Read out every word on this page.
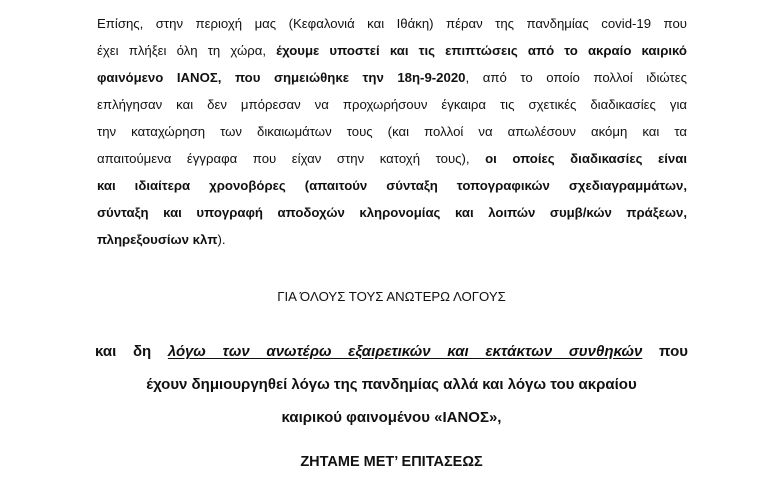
Επίσης, στην περιοχή μας (Κεφαλονιά και Ιθάκη) πέραν της πανδημίας covid-19 που
έχει πλήξει όλη τη χώρα, έχουμε υποστεί και τις επιπτώσεις από το ακραίο καιρικό
φαινόμενο ΙΑΝΟΣ, που σημειώθηκε την 18η-9-2020, από το οποίο πολλοί ιδιώτες
επλήγησαν και δεν μπόρεσαν να προχωρήσουν έγκαιρα τις σχετικές διαδικασίες για
την καταχώρηση των δικαιωμάτων τους (και πολλοί να απωλέσουν ακόμη και τα
απαιτούμενα έγγραφα που είχαν στην κατοχή τους), οι οποίες διαδικασίες είναι
και ιδιαίτερα χρονοβόρες (απαιτούν σύνταξη τοπογραφικών σχεδιαγραμμάτων,
σύνταξη και υπογραφή αποδοχών κληρονομίας και λοιπών συμβ/κών πράξεων,
πληρεξουσίων κλπ).

ΓΙΑ ΌΛΟΥΣ ΤΟΥΣ ΑΝΩΤΕΡΩ ΛΟΓΟΥΣ

και δη λόγω των ανωτέρω εξαιρετικών και εκτάκτων συνθηκών που
έχουν δημιουργηθεί λόγω της πανδημίας αλλά και λόγω του ακραίου
καιρικού φαινομένου «ΙΑΝΟΣ»,

ΖΗΤΑΜΕ ΜΕΤ’ ΕΠΙΤΑΣΕΩΣ
